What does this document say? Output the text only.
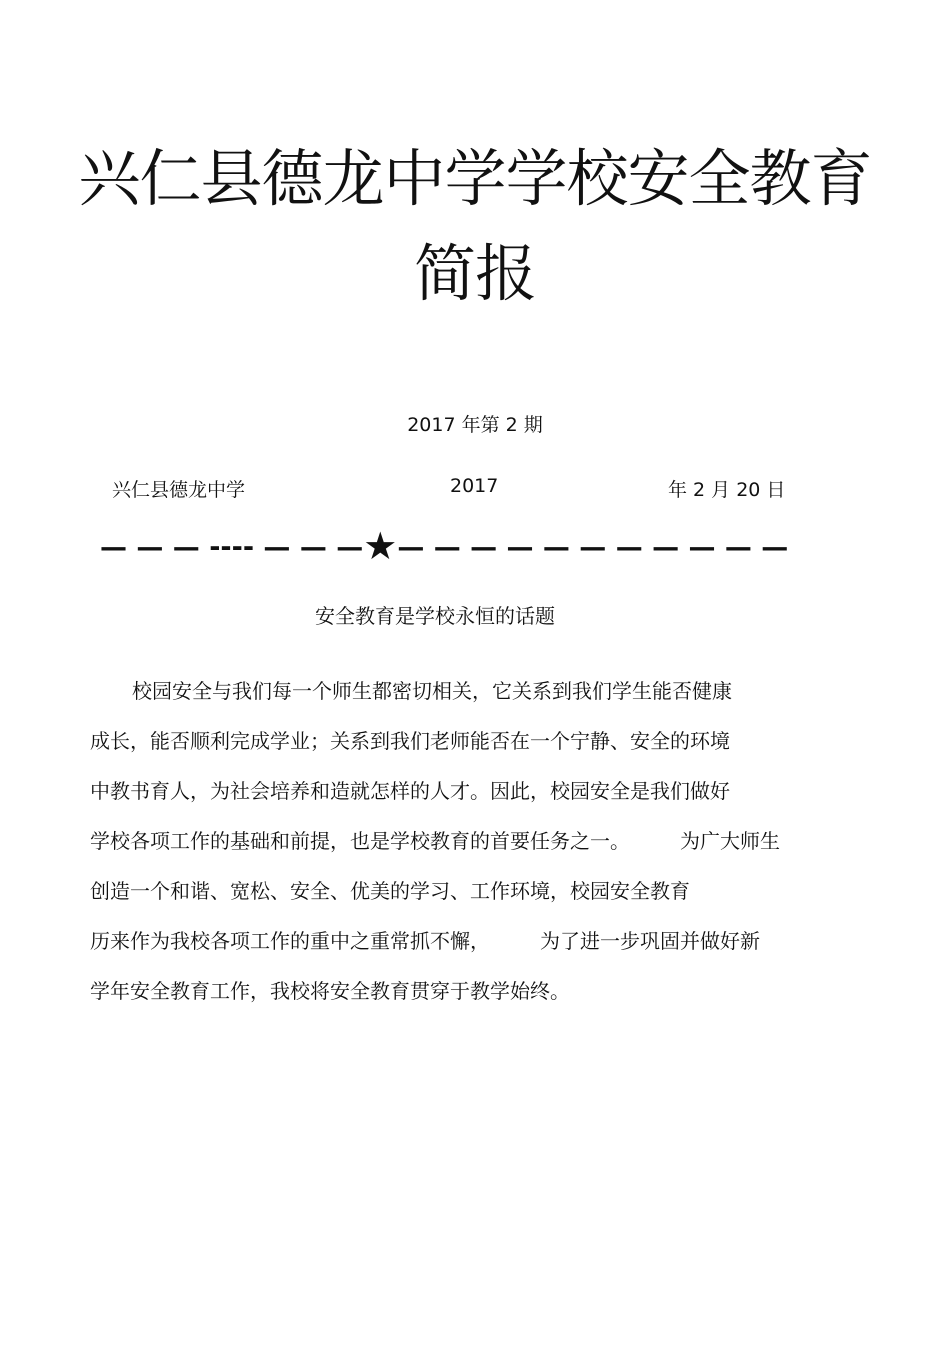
兴仁县德龙中学学校安全教育
简报
2017 年第 2 期
兴仁县德龙中学	2017	年 2 月 20 日
— — — ---- — — —★— — — — — — — — — — —
安全教育是学校永恒的话题
　校园安全与我们每一个师生都密切相关，它关系到我们学生能否健康
成长，能否顺利完成学业；关系到我们老师能否在一个宁静、安全的环境
中教书育人，为社会培养和造就怎样的人才。因此，校园安全是我们做好
学校各项工作的基础和前提，也是学校教育的首要任务之一。　　　为广大师生
创造一个和谐、宽松、安全、优美的学习、工作环境，校园安全教育
历来作为我校各项工作的重中之重常抓不懈，　　　为了进一步巩固并做好新
学年安全教育工作，我校将安全教育贯穿于教学始终。
